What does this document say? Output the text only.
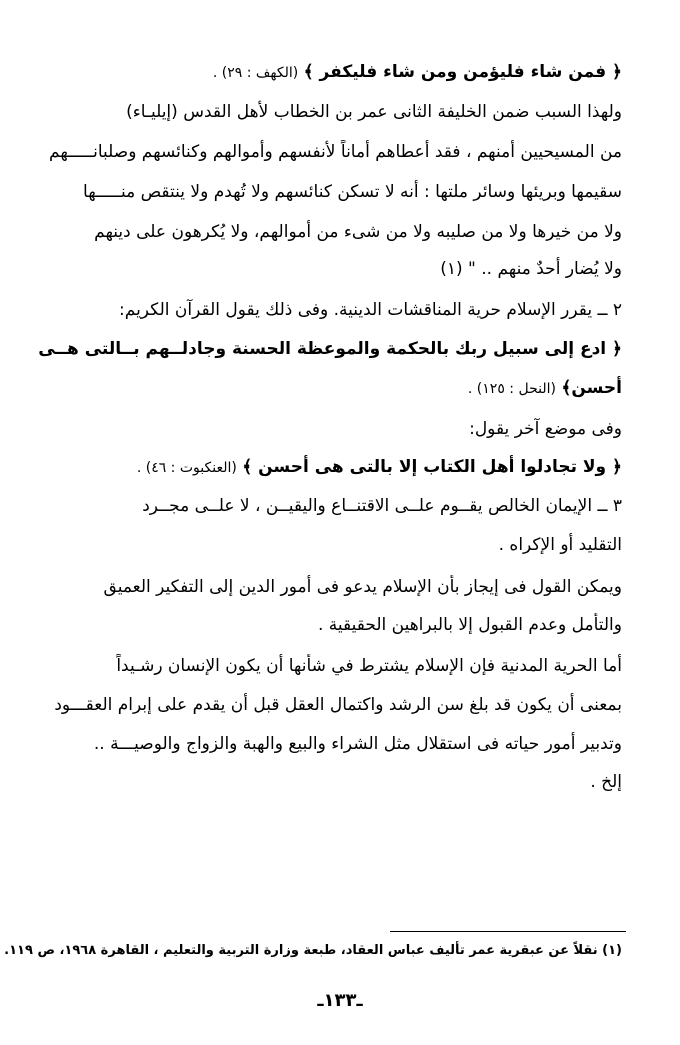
﴿ فمن شاء فليؤمن ومن شاء فليكفر ﴾ (الكهف : ٢٩) .
ولهذا السبب ضمن الخليفة الثانى عمر بن الخطاب لأهل القدس (إيليـاء)
من المسيحيين أمنهم ، فقد أعطاهم أماناً لأنفسهم وأموالهم وكنائسهم وصلبانـــــهم
سقيمها وبريئها وسائر ملتها : أنه لا تسكن كنائسهم ولا تُهدم ولا ينتقص منـــــها
ولا من خيرها ولا من صليبه ولا من شىء من أموالهم، ولا يُكرهون على دينهم
ولا يُضار أحدٌ منهم .. " (١)
٢ ــ يقرر الإسلام حرية المناقشات الدينية. وفى ذلك يقول القرآن الكريم:
﴿ ادع إلى سبيل ربك بالحكمة والموعظة الحسنة وجادلــهم بــالتى هــى
أحسن﴾ (النحل : ١٢٥) .
وفى موضع آخر يقول:
﴿ ولا تجادلوا أهل الكتاب إلا بالتى هى أحسن ﴾ (العنكبوت : ٤٦) .
٣ ــ الإيمان الخالص يقــوم علــى الاقتنــاع واليقيــن ، لا علــى مجــرد
التقليد أو الإكراه .
ويمكن القول فى إيجاز بأن الإسلام يدعو فى أمور الدين إلى التفكير العميق
والتأمل وعدم القبول إلا بالبراهين الحقيقية .
أما الحرية المدنية فإن الإسلام يشترط في شأنها أن يكون الإنسان رشـيداً
بمعنى أن يكون قد بلغ سن الرشد واكتمال العقل قبل أن يقدم على إبرام العقـــود
وتدبير أمور حياته فى استقلال مثل الشراء والبيع والهبة والزواج والوصيـــة ..
إلخ .
(١) نقلاً عن عبقرية عمر تأليف عباس العقاد، طبعة وزارة التربية والتعليم ، القاهرة ١٩٦٨، ص ١١٩.
ـ١٣٣ـ
